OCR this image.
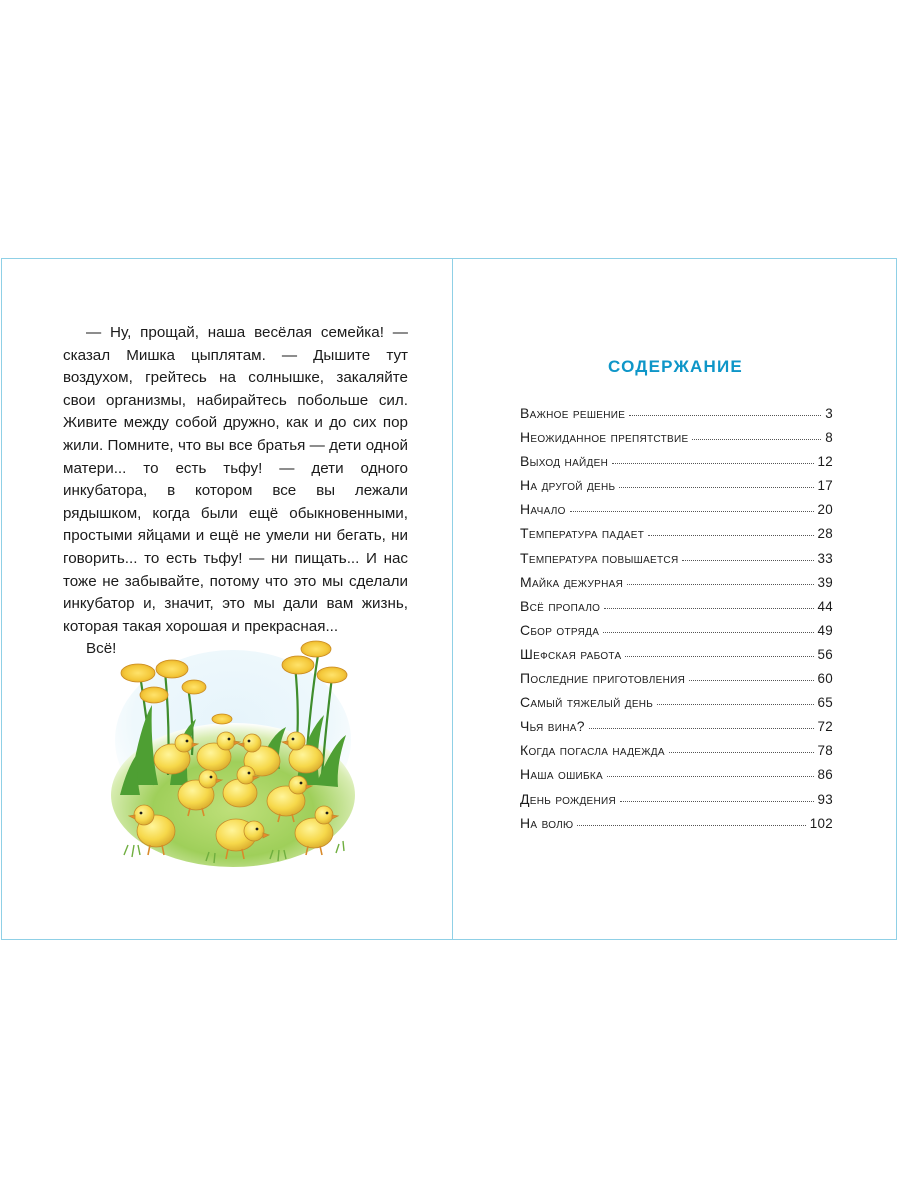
— Ну, прощай, наша весёлая семейка! — сказал Мишка цыплятам. — Дышите тут воздухом, грейтесь на солнышке, закаляйте свои организмы, набирайтесь побольше сил. Живите между собой дружно, как и до сих пор жили. Помните, что вы все братья — дети одной матери... то есть тьфу! — дети одного инкубатора, в котором все вы лежали рядышком, когда были ещё обыкновенными, простыми яйцами и ещё не умели ни бегать, ни говорить... то есть тьфу! — ни пищать... И нас тоже не забывайте, потому что это мы сделали инкубатор и, значит, это мы дали вам жизнь, которая такая хорошая и прекрасная...

Всё!

СОДЕРЖАНИЕ
Важное решение	3
Неожиданное препятствие	8
Выход найден	12
На другой день	17
Начало	20
Температура падает	28
Температура повышается	33
Майка дежурная	39
Всё пропало	44
Сбор отряда	49
Шефская работа	56
Последние приготовления	60
Самый тяжелый день	65
Чья вина?	72
Когда погасла надежда	78
Наша ошибка	86
День рождения	93
На волю	102
